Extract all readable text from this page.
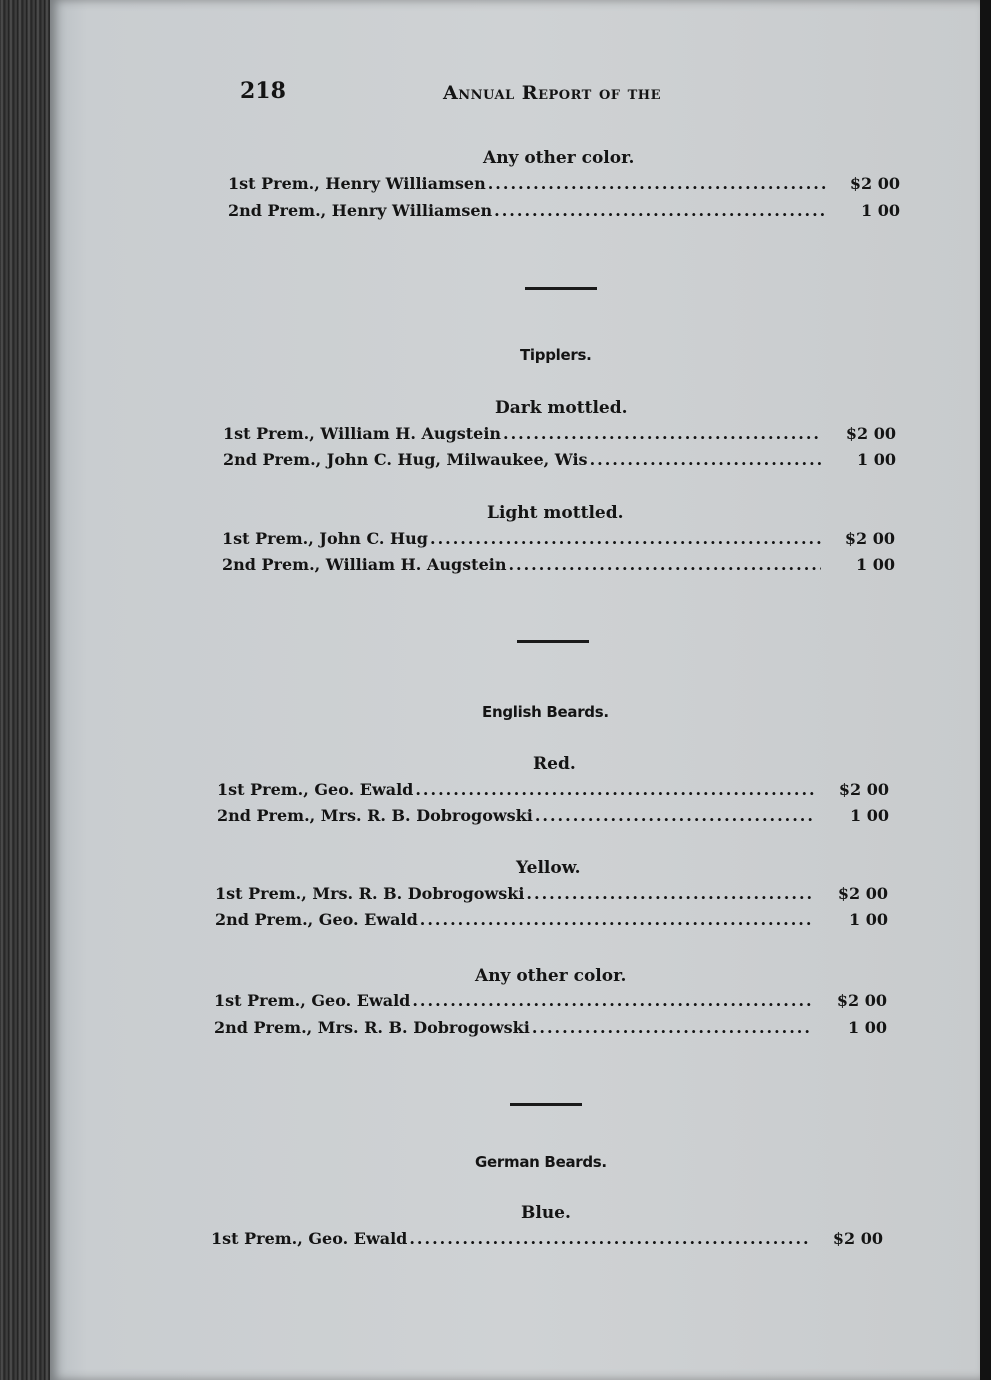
218	Annual Report of the
Any other color.
1st Prem., Henry Williamsen .....	$2 00
2nd Prem., Henry Williamsen .....	1 00
Tipplers.
Dark mottled.
1st Prem., William H. Augstein .....	$2 00
2nd Prem., John C. Hug, Milwaukee, Wis .....	1 00
Light mottled.
1st Prem., John C. Hug .....	$2 00
2nd Prem., William H. Augstein .....	1 00
English Beards.
Red.
1st Prem., Geo. Ewald .....	$2 00
2nd Prem., Mrs. R. B. Dobrogowski .....	1 00
Yellow.
1st Prem., Mrs. R. B. Dobrogowski .....	$2 00
2nd Prem., Geo. Ewald .....	1 00
Any other color.
1st Prem., Geo. Ewald .....	$2 00
2nd Prem., Mrs. R. B. Dobrogowski .....	1 00
German Beards.
Blue.
1st Prem., Geo. Ewald .....	$2 00
